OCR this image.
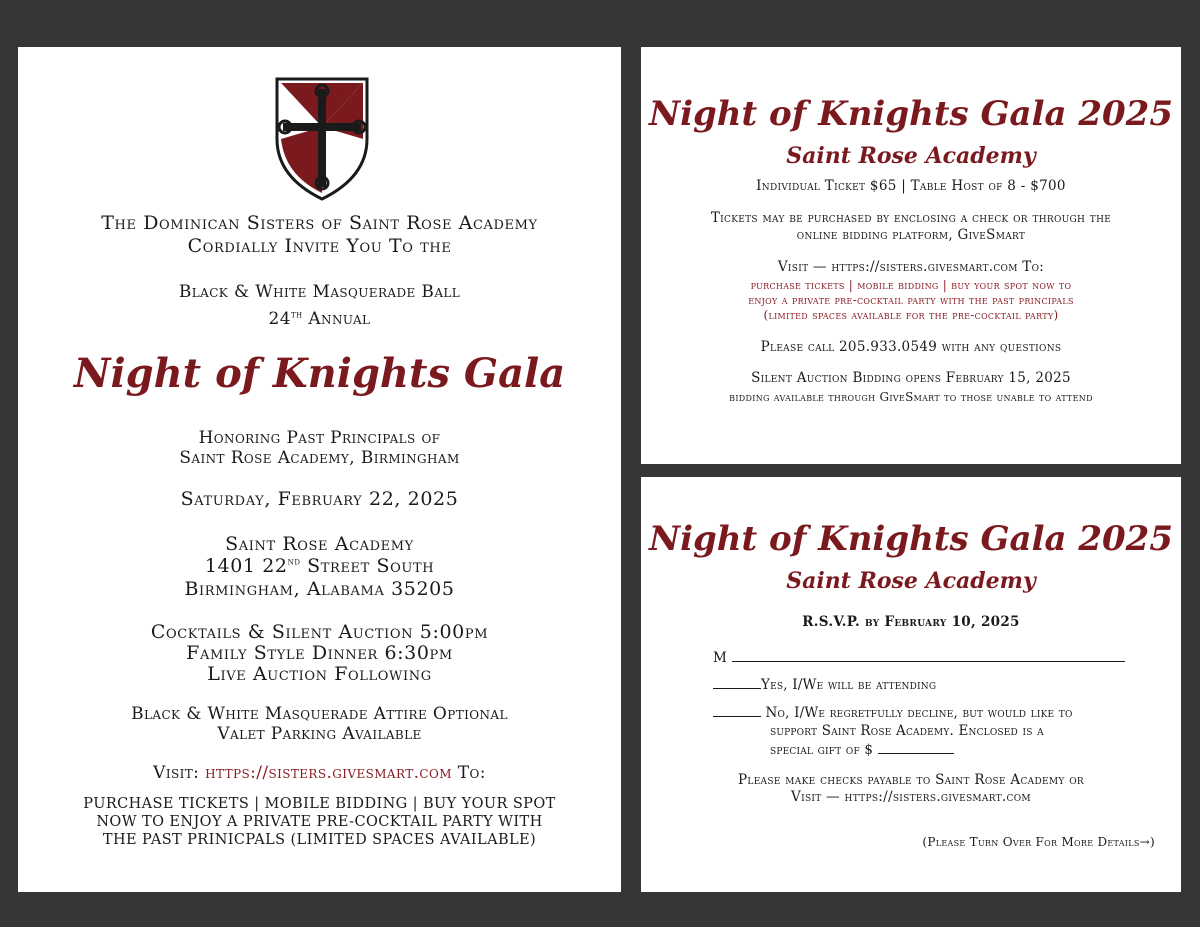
The Dominican Sisters of Saint Rose Academy
Cordially Invite You To the
Black & White Masquerade Ball
24th Annual
Night of Knights Gala
Honoring Past Principals of
Saint Rose Academy, Birmingham
Saturday, February 22, 2025
Saint Rose Academy
1401 22nd Street South
Birmingham, Alabama 35205
Cocktails & Silent Auction 5:00pm
Family Style Dinner 6:30pm
Live Auction Following
Black & White Masquerade Attire Optional
Valet Parking Available
Visit: https://sisters.givesmart.com To:
PURCHASE TICKETS | MOBILE BIDDING | BUY YOUR SPOT
NOW TO ENJOY A PRIVATE PRE-COCKTAIL PARTY WITH
THE PAST PRINICPALS (LIMITED SPACES AVAILABLE)
Night of Knights Gala 2025
Saint Rose Academy
Individual Ticket $65 | Table Host of 8 - $700
Tickets may be purchased by enclosing a check or through the
online bidding platform, GiveSmart
Visit — https://sisters.givesmart.com To:
purchase tickets | mobile bidding | buy your spot now to
enjoy a private pre-cocktail party with the past principals
(limited spaces available for the pre-cocktail party)
Please call 205.933.0549 with any questions
Silent Auction Bidding opens February 15, 2025
bidding available through GiveSmart to those unable to attend
Night of Knights Gala 2025
Saint Rose Academy
R.S.V.P. by February 10, 2025
M
Yes, I/We will be attending
No, I/We regretfully decline, but would like to
support Saint Rose Academy. Enclosed is a
special gift of $
Please make checks payable to Saint Rose Academy or
Visit — https://sisters.givesmart.com
(Please Turn Over For More Details→)
